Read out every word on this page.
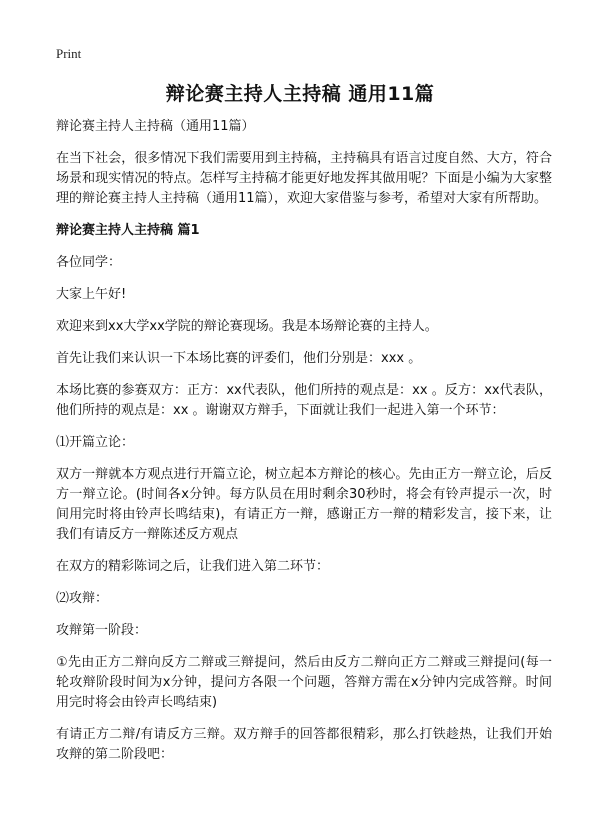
Print
辩论赛主持人主持稿 通用11篇

辩论赛主持人主持稿（通用11篇）

在当下社会，很多情况下我们需要用到主持稿，主持稿具有语言过度自然、大方，符合场景和现实情况的特点。怎样写主持稿才能更好地发挥其做用呢？下面是小编为大家整理的辩论赛主持人主持稿（通用11篇），欢迎大家借鉴与参考，希望对大家有所帮助。

辩论赛主持人主持稿 篇1

各位同学：

大家上午好!

欢迎来到xx大学xx学院的辩论赛现场。我是本场辩论赛的主持人。

首先让我们来认识一下本场比赛的评委们，他们分别是：xxx 。

本场比赛的参赛双方：正方：xx代表队，他们所持的观点是：xx 。反方：xx代表队，他们所持的观点是：xx 。谢谢双方辩手，下面就让我们一起进入第一个环节：

⑴开篇立论：

双方一辩就本方观点进行开篇立论，树立起本方辩论的核心。先由正方一辩立论，后反方一辩立论。(时间各x分钟。每方队员在用时剩余30秒时，将会有铃声提示一次，时间用完时将由铃声长鸣结束)，有请正方一辩，感谢正方一辩的精彩发言，接下来，让我们有请反方一辩陈述反方观点

在双方的精彩陈词之后，让我们进入第二环节：

⑵攻辩：

攻辩第一阶段：

①先由正方二辩向反方二辩或三辩提问，然后由反方二辩向正方二辩或三辩提问(每一轮攻辩阶段时间为x分钟，提问方各限一个问题，答辩方需在x分钟内完成答辩。时间用完时将会由铃声长鸣结束)

有请正方二辩/有请反方三辩。双方辩手的回答都很精彩，那么打铁趁热，让我们开始攻辩的第二阶段吧：
